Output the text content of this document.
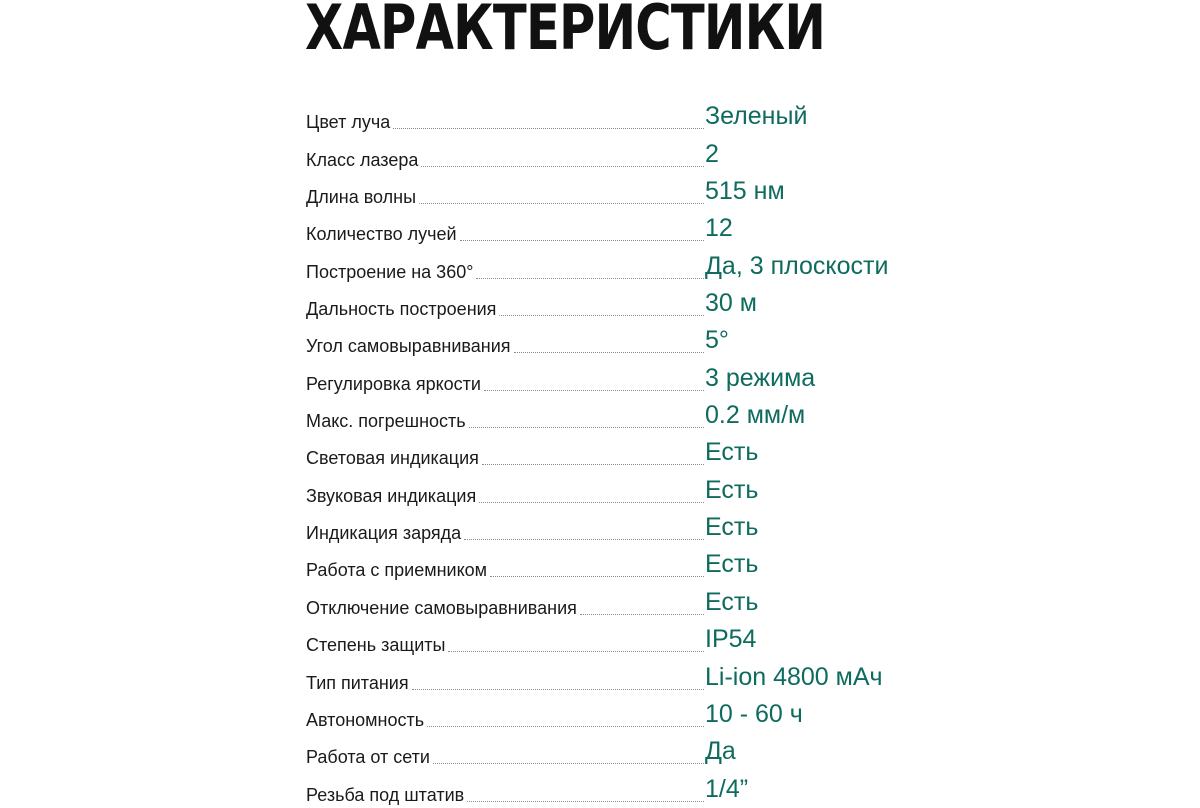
ХАРАКТЕРИСТИКИ
Цвет луча	Зеленый
Класс лазера	2
Длина волны	515 нм
Количество лучей	12
Построение на 360°	Да, 3 плоскости
Дальность построения	30 м
Угол самовыравнивания	5°
Регулировка яркости	3 режима
Макс. погрешность	0.2 мм/м
Световая индикация	Есть
Звуковая индикация	Есть
Индикация заряда	Есть
Работа с приемником	Есть
Отключение самовыравнивания	Есть
Степень защиты	IP54
Тип питания	Li-ion 4800 мАч
Автономность	10 - 60 ч
Работа от сети	Да
Резьба под штатив	1/4”
